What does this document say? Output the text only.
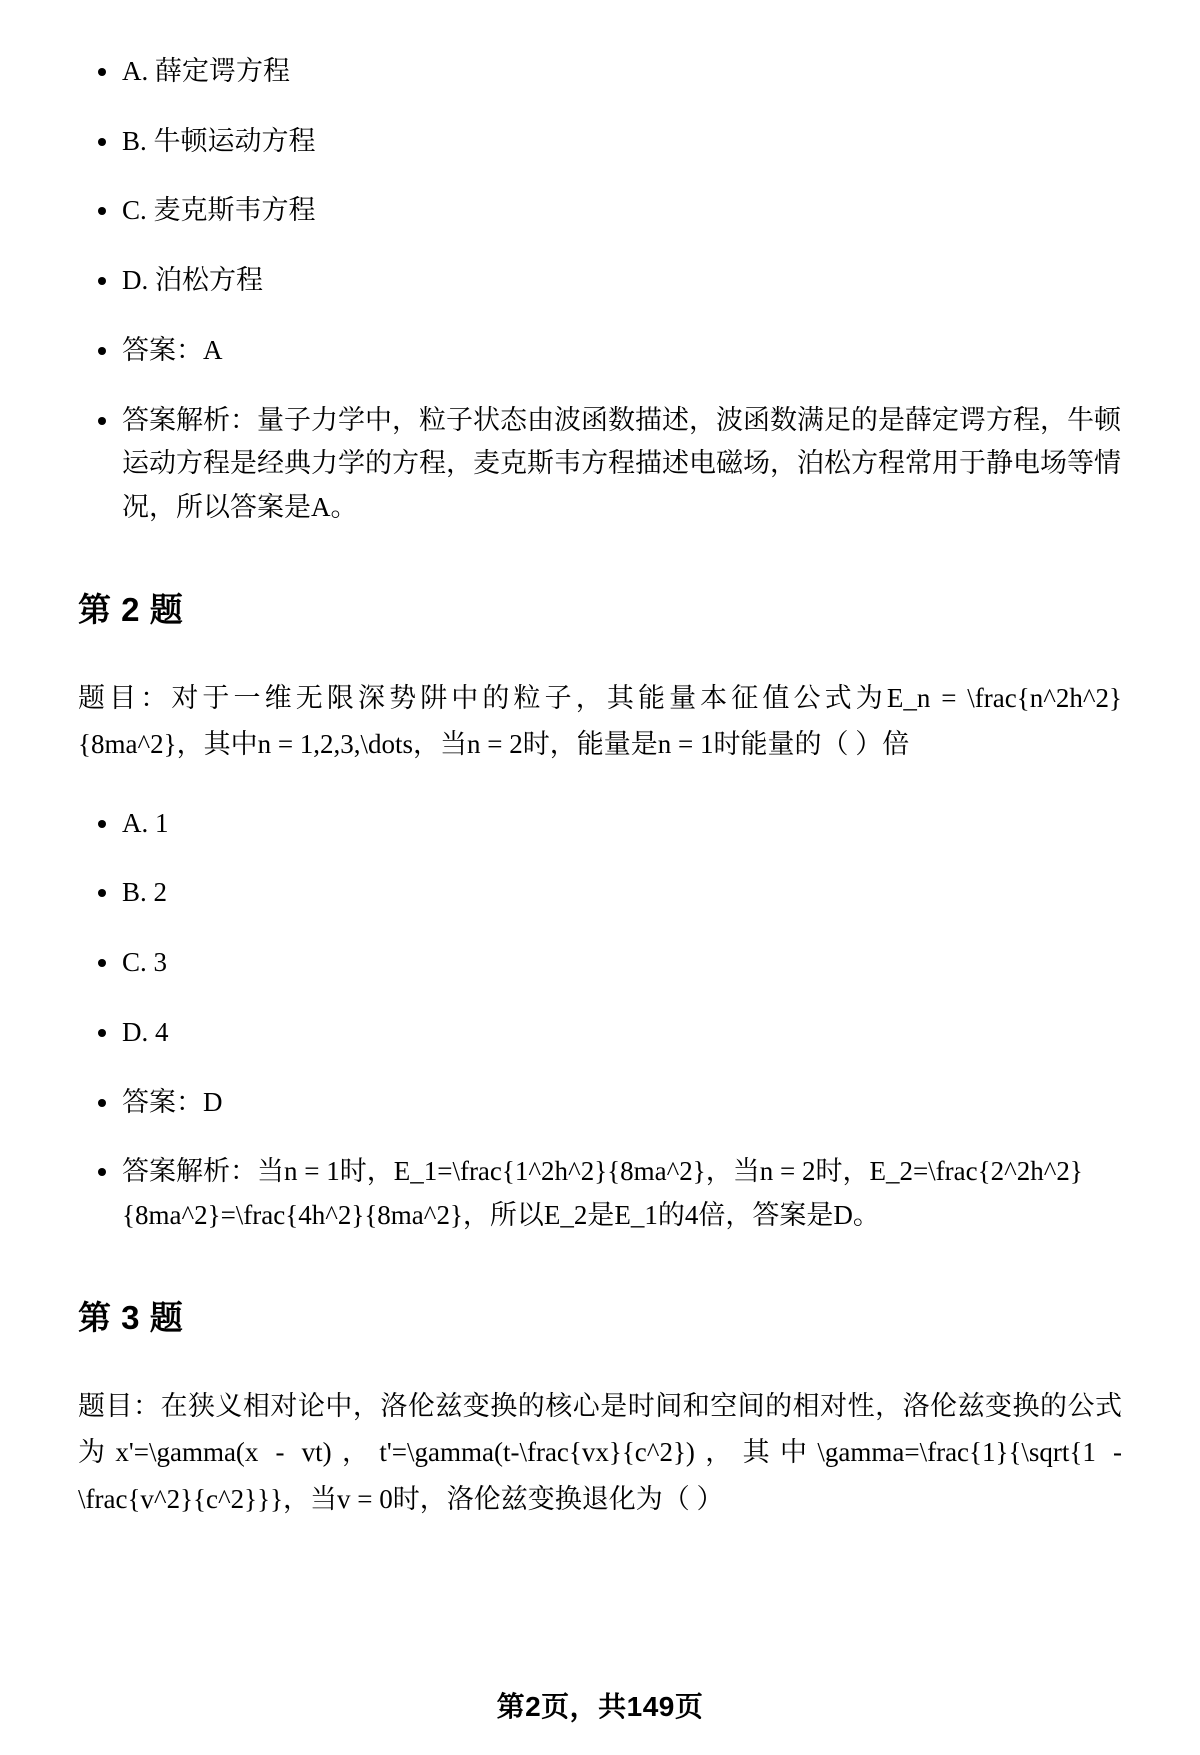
A. 薛定谔方程
B. 牛顿运动方程
C. 麦克斯韦方程
D. 泊松方程
答案：A
答案解析：量子力学中，粒子状态由波函数描述，波函数满足的是薛定谔方程，牛顿运动方程是经典力学的方程，麦克斯韦方程描述电磁场，泊松方程常用于静电场等情况，所以答案是A。
第 2 题

题目：对于一维无限深势阱中的粒子，其能量本征值公式为E_n = \frac{n^2h^2}{8ma^2}，其中n = 1,2,3,\dots，当n = 2时，能量是n = 1时能量的（ ）倍

A. 1
B. 2
C. 3
D. 4
答案：D
答案解析：当n = 1时，E_1=\frac{1^2h^2}{8ma^2}，当n = 2时，E_2=\frac{2^2h^2}{8ma^2}=\frac{4h^2}{8ma^2}，所以E_2是E_1的4倍，答案是D。
第 3 题

题目：在狭义相对论中，洛伦兹变换的核心是时间和空间的相对性，洛伦兹变换的公式为x'=\gamma(x - vt)，t'=\gamma(t-\frac{vx}{c^2})，其中\gamma=\frac{1}{\sqrt{1 - \frac{v^2}{c^2}}}，当v = 0时，洛伦兹变换退化为（ ）

第2页，共149页
